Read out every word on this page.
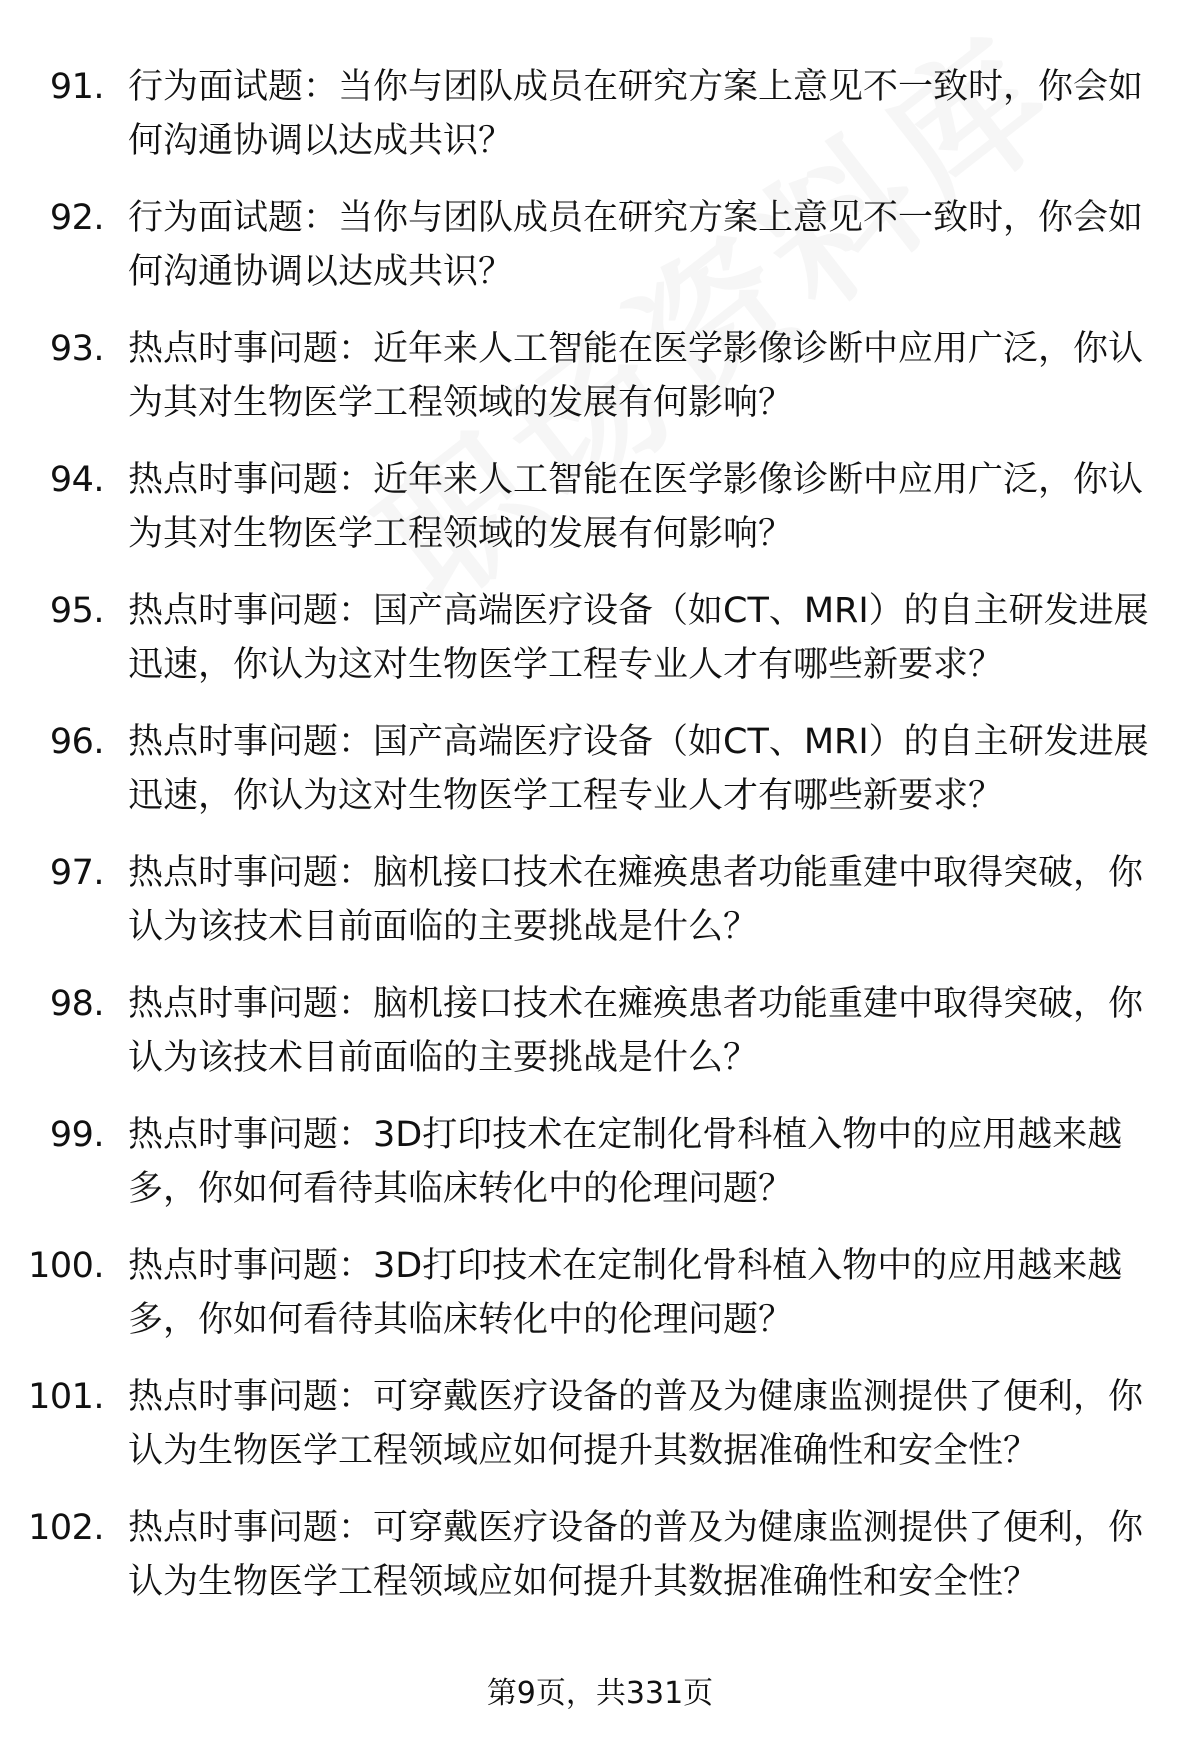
91. 行为面试题：当你与团队成员在研究方案上意见不一致时，你会如何沟通协调以达成共识？
92. 行为面试题：当你与团队成员在研究方案上意见不一致时，你会如何沟通协调以达成共识？
93. 热点时事问题：近年来人工智能在医学影像诊断中应用广泛，你认为其对生物医学工程领域的发展有何影响？
94. 热点时事问题：近年来人工智能在医学影像诊断中应用广泛，你认为其对生物医学工程领域的发展有何影响？
95. 热点时事问题：国产高端医疗设备（如CT、MRI）的自主研发进展迅速，你认为这对生物医学工程专业人才有哪些新要求？
96. 热点时事问题：国产高端医疗设备（如CT、MRI）的自主研发进展迅速，你认为这对生物医学工程专业人才有哪些新要求？
97. 热点时事问题：脑机接口技术在瘫痪患者功能重建中取得突破，你认为该技术目前面临的主要挑战是什么？
98. 热点时事问题：脑机接口技术在瘫痪患者功能重建中取得突破，你认为该技术目前面临的主要挑战是什么？
99. 热点时事问题：3D打印技术在定制化骨科植入物中的应用越来越多，你如何看待其临床转化中的伦理问题？
100. 热点时事问题：3D打印技术在定制化骨科植入物中的应用越来越多，你如何看待其临床转化中的伦理问题？
101. 热点时事问题：可穿戴医疗设备的普及为健康监测提供了便利，你认为生物医学工程领域应如何提升其数据准确性和安全性？
102. 热点时事问题：可穿戴医疗设备的普及为健康监测提供了便利，你认为生物医学工程领域应如何提升其数据准确性和安全性？
第9页，共331页
